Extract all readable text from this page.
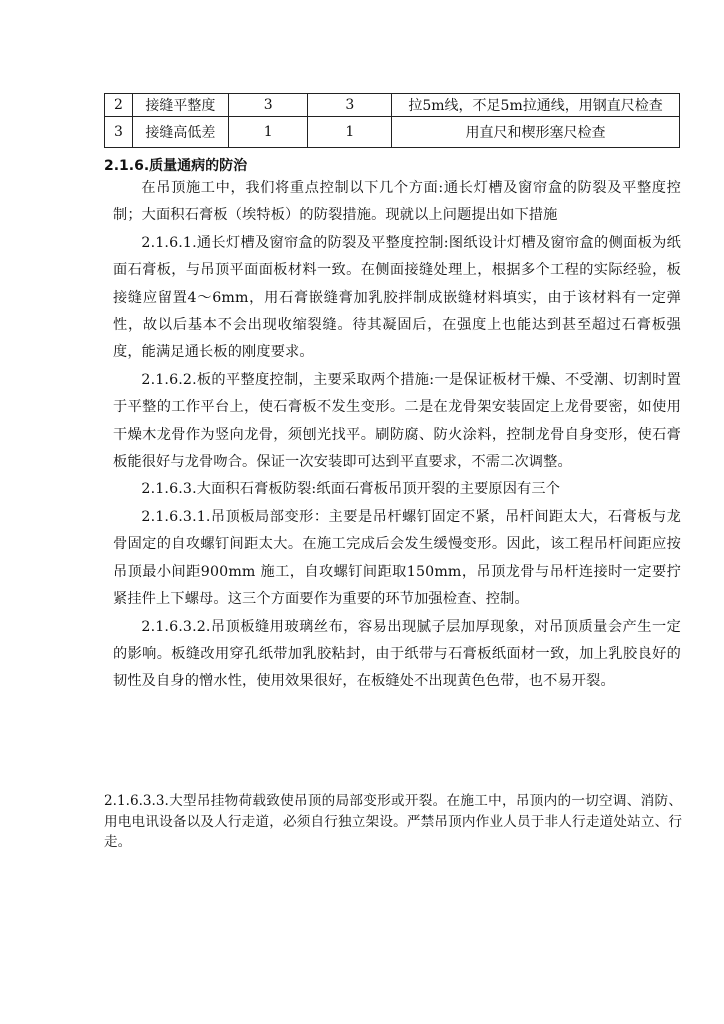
2	接缝平整度	3	3	拉5m线，不足5m拉通线，用钢直尺检查
3	接缝高低差	1	1	用直尺和楔形塞尺检查
2.1.6.质量通病的防治

在吊顶施工中，我们将重点控制以下几个方面:通长灯槽及窗帘盒的防裂及平整度控制；大面积石膏板（埃特板）的防裂措施。现就以上问题提出如下措施

2.1.6.1.通长灯槽及窗帘盒的防裂及平整度控制:图纸设计灯槽及窗帘盒的侧面板为纸面石膏板，与吊顶平面面板材料一致。在侧面接缝处理上，根据多个工程的实际经验，板接缝应留置4～6mm，用石膏嵌缝膏加乳胶拌制成嵌缝材料填实，由于该材料有一定弹性，故以后基本不会出现收缩裂缝。待其凝固后，在强度上也能达到甚至超过石膏板强度，能满足通长板的刚度要求。

2.1.6.2.板的平整度控制，主要采取两个措施:一是保证板材干燥、不受潮、切割时置于平整的工作平台上，使石膏板不发生变形。二是在龙骨架安装固定上龙骨要密，如使用干燥木龙骨作为竖向龙骨，须刨光找平。刷防腐、防火涂料，控制龙骨自身变形，使石膏板能很好与龙骨吻合。保证一次安装即可达到平直要求，不需二次调整。

2.1.6.3.大面积石膏板防裂:纸面石膏板吊顶开裂的主要原因有三个

2.1.6.3.1.吊顶板局部变形：主要是吊杆螺钉固定不紧，吊杆间距太大，石膏板与龙骨固定的自攻螺钉间距太大。在施工完成后会发生缓慢变形。因此，该工程吊杆间距应按吊顶最小间距900mm 施工，自攻螺钉间距取150mm，吊顶龙骨与吊杆连接时一定要拧紧挂件上下螺母。这三个方面要作为重要的环节加强检查、控制。

2.1.6.3.2.吊顶板缝用玻璃丝布，容易出现腻子层加厚现象，对吊顶质量会产生一定的影响。板缝改用穿孔纸带加乳胶粘封，由于纸带与石膏板纸面材一致，加上乳胶良好的韧性及自身的憎水性，使用效果很好，在板缝处不出现黄色色带，也不易开裂。

2.1.6.3.3.大型吊挂物荷载致使吊顶的局部变形或开裂。在施工中，吊顶内的一切空调、消防、用电电讯设备以及人行走道，必须自行独立架设。严禁吊顶内作业人员于非人行走道处站立、行走。
